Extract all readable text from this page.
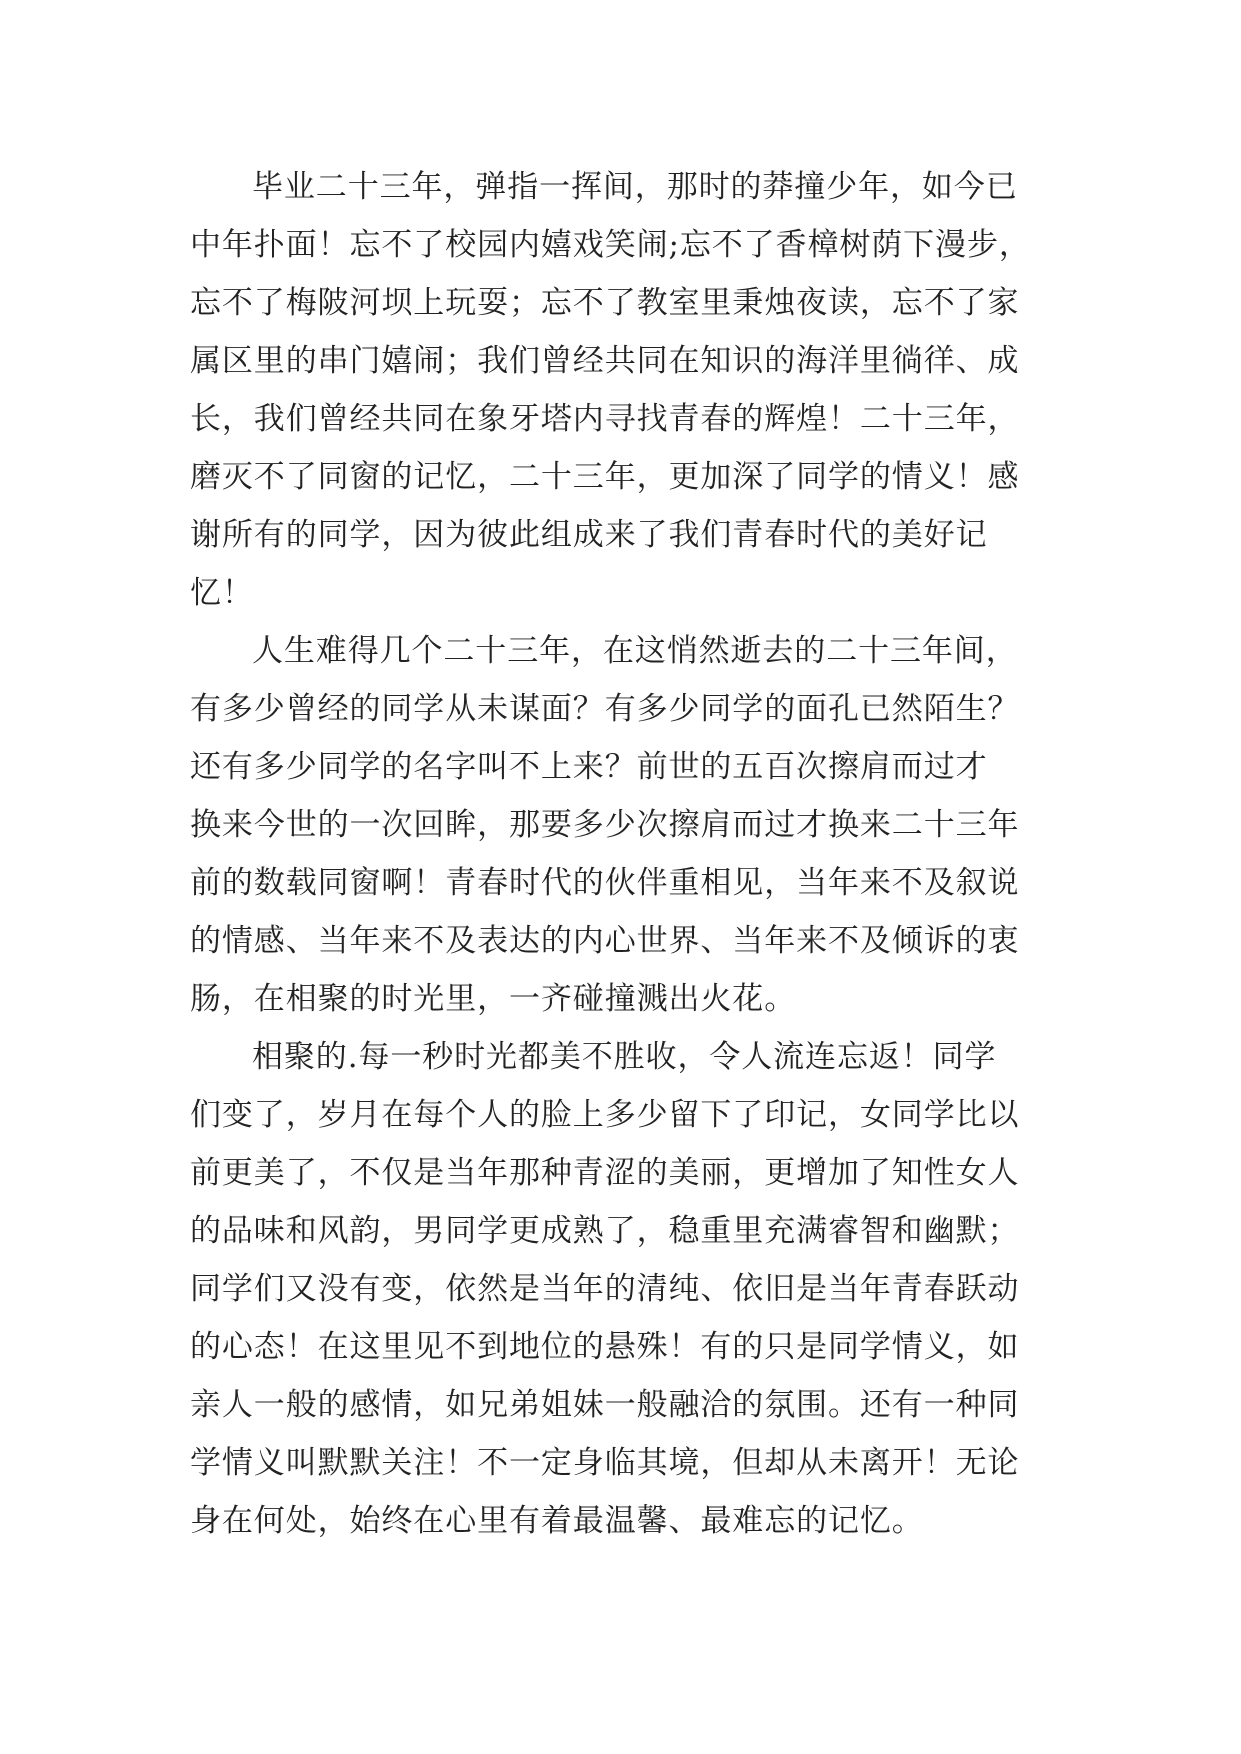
毕业二十三年，弹指一挥间，那时的莽撞少年，如今已
中年扑面！忘不了校园内嬉戏笑闹;忘不了香樟树荫下漫步，
忘不了梅陂河坝上玩耍；忘不了教室里秉烛夜读，忘不了家
属区里的串门嬉闹；我们曾经共同在知识的海洋里徜徉、成
长，我们曾经共同在象牙塔内寻找青春的辉煌！二十三年，
磨灭不了同窗的记忆，二十三年，更加深了同学的情义！感
谢所有的同学，因为彼此组成来了我们青春时代的美好记
忆！
人生难得几个二十三年，在这悄然逝去的二十三年间，
有多少曾经的同学从未谋面？有多少同学的面孔已然陌生？
还有多少同学的名字叫不上来？前世的五百次擦肩而过才
换来今世的一次回眸，那要多少次擦肩而过才换来二十三年
前的数载同窗啊！青春时代的伙伴重相见，当年来不及叙说
的情感、当年来不及表达的内心世界、当年来不及倾诉的衷
肠，在相聚的时光里，一齐碰撞溅出火花。
相聚的.每一秒时光都美不胜收，令人流连忘返！同学
们变了，岁月在每个人的脸上多少留下了印记，女同学比以
前更美了，不仅是当年那种青涩的美丽，更增加了知性女人
的品味和风韵，男同学更成熟了，稳重里充满睿智和幽默；
同学们又没有变，依然是当年的清纯、依旧是当年青春跃动
的心态！在这里见不到地位的悬殊！有的只是同学情义，如
亲人一般的感情，如兄弟姐妹一般融洽的氛围。还有一种同
学情义叫默默关注！不一定身临其境，但却从未离开！无论
身在何处，始终在心里有着最温馨、最难忘的记忆。
